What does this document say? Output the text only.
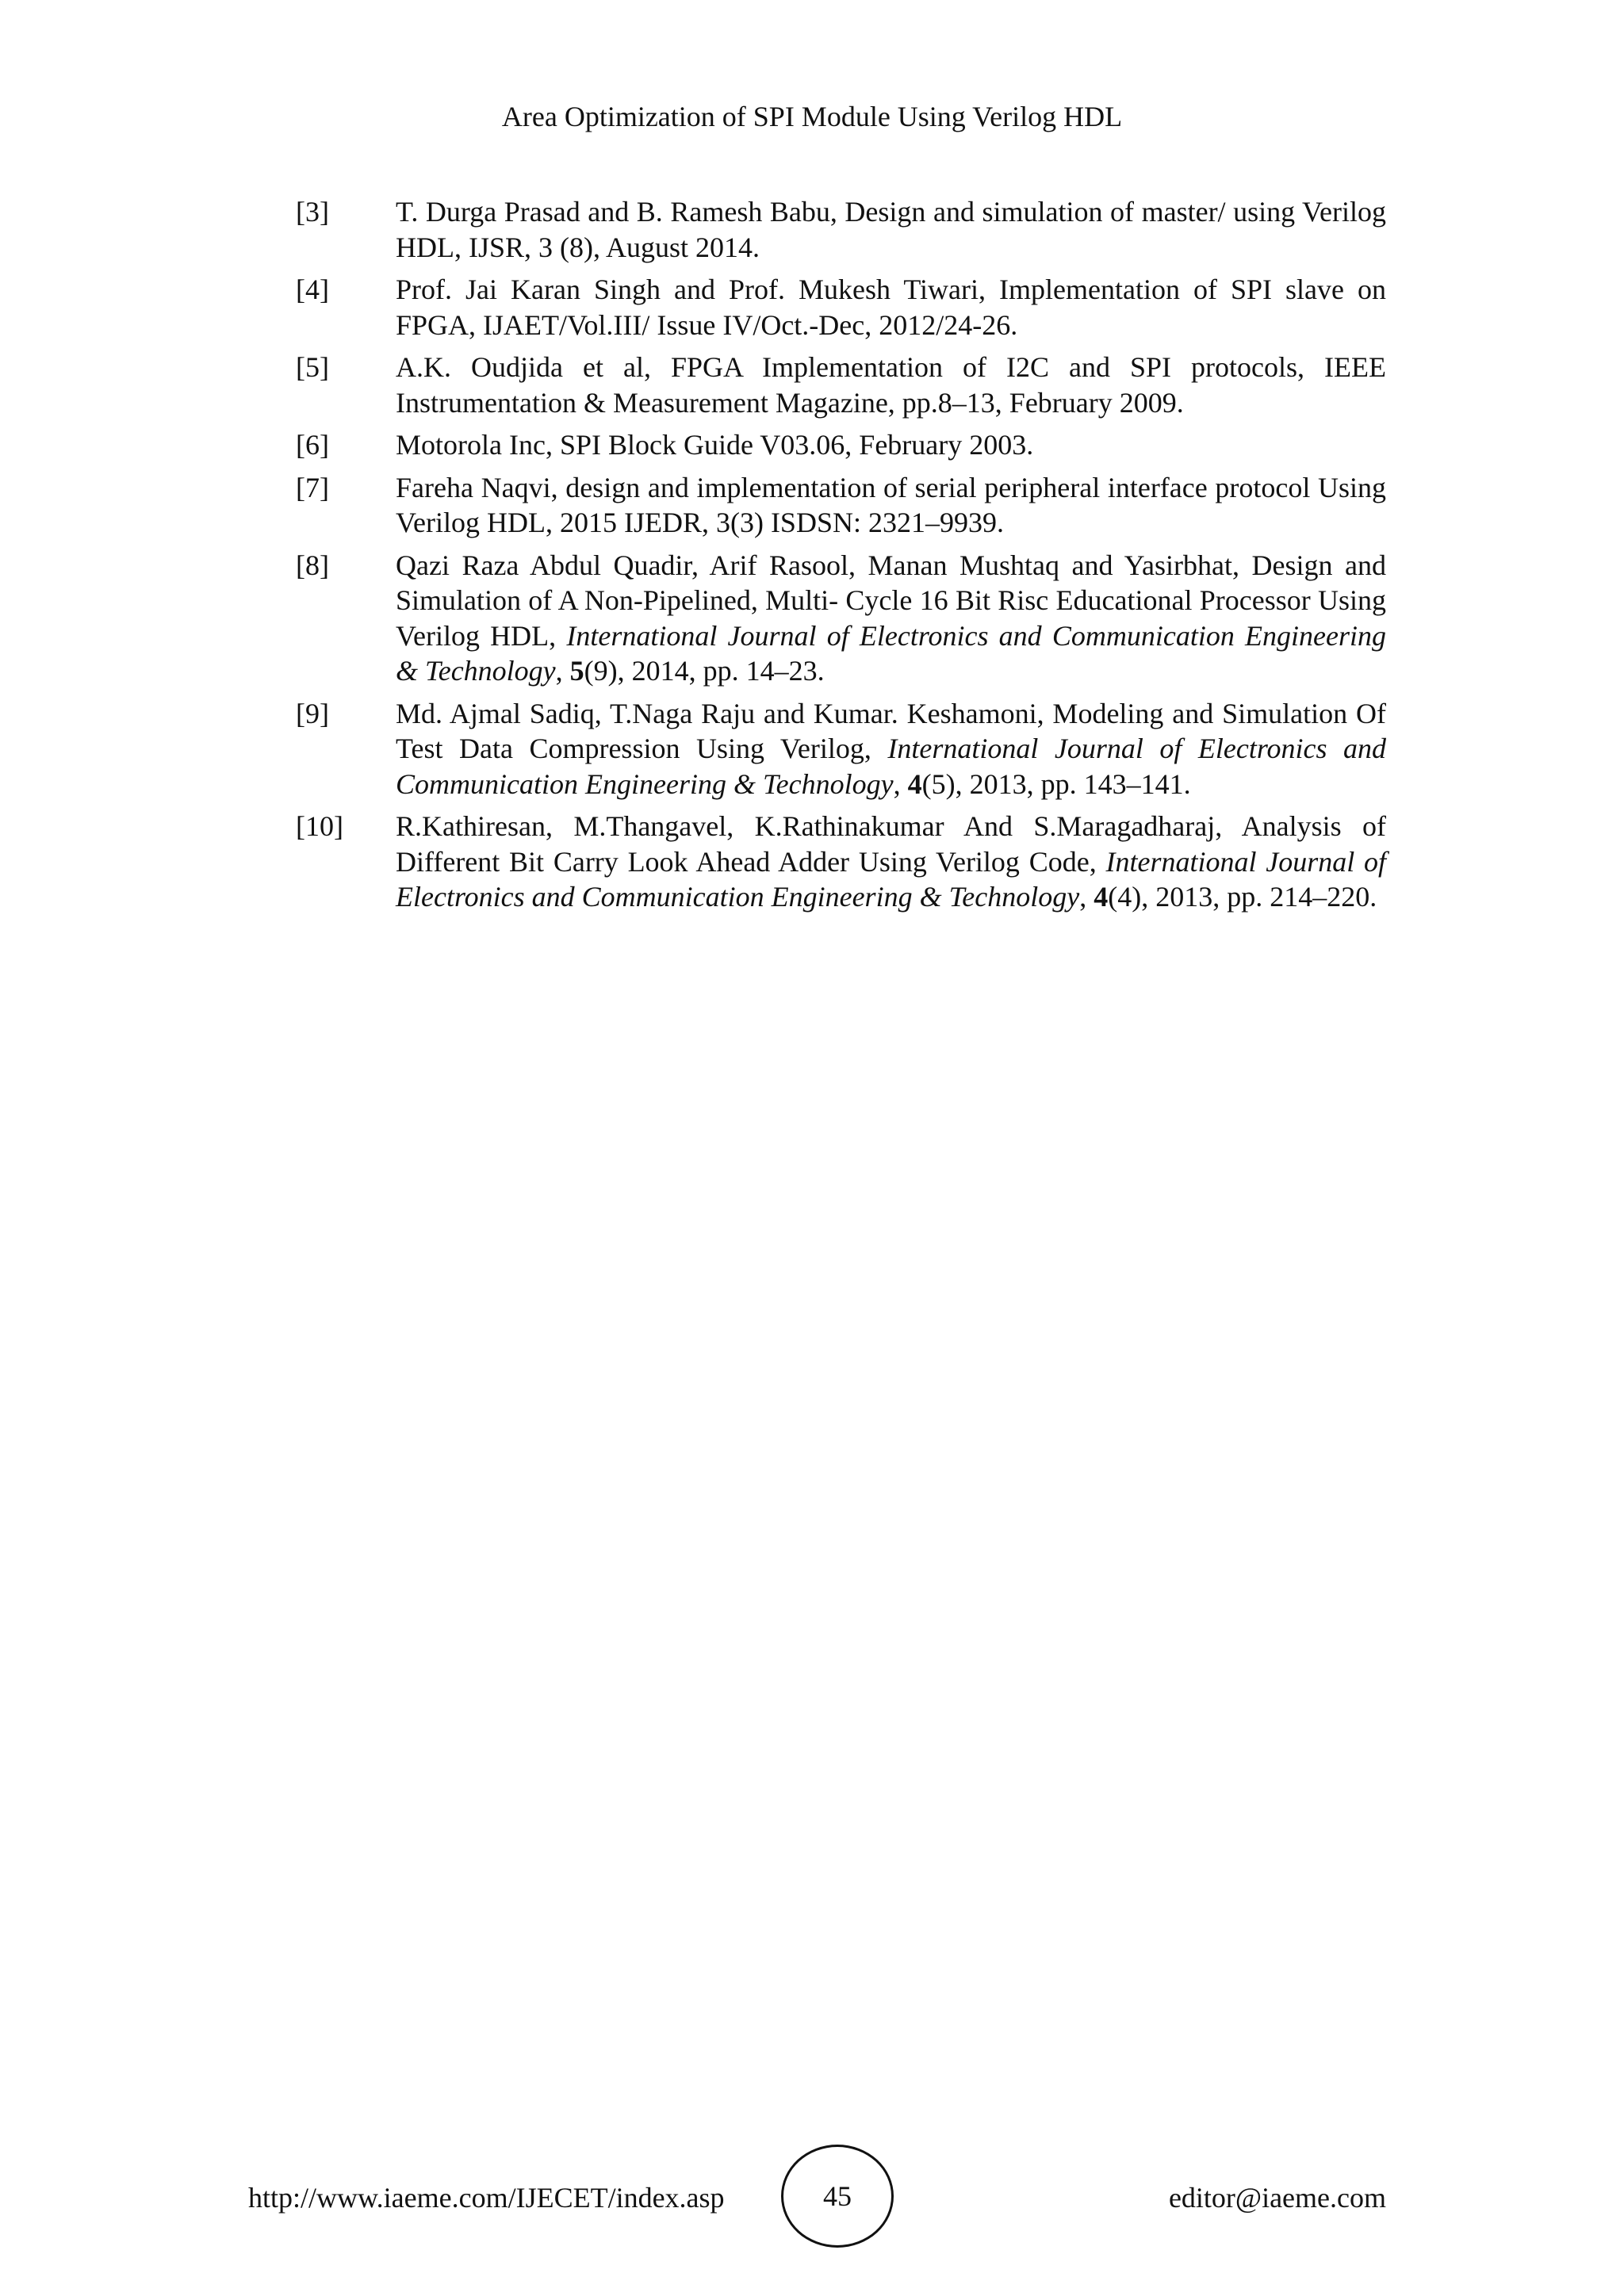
Area Optimization of SPI Module Using Verilog HDL
[3]	T. Durga Prasad and B. Ramesh Babu, Design and simulation of master/ using Verilog HDL, IJSR, 3 (8), August 2014.
[4]	Prof. Jai Karan Singh and Prof. Mukesh Tiwari, Implementation of SPI slave on FPGA, IJAET/Vol.III/ Issue IV/Oct.-Dec, 2012/24-26.
[5]	A.K. Oudjida et al, FPGA Implementation of I2C and SPI protocols, IEEE Instrumentation & Measurement Magazine, pp.8–13, February 2009.
[6]	Motorola Inc, SPI Block Guide V03.06, February 2003.
[7]	Fareha Naqvi, design and implementation of serial peripheral interface protocol Using Verilog HDL, 2015 IJEDR, 3(3) ISDSN: 2321–9939.
[8]	Qazi Raza Abdul Quadir, Arif Rasool, Manan Mushtaq and Yasirbhat, Design and Simulation of A Non-Pipelined, Multi- Cycle 16 Bit Risc Educational Processor Using Verilog HDL, International Journal of Electronics and Communication Engineering & Technology, 5(9), 2014, pp. 14–23.
[9]	Md. Ajmal Sadiq, T.Naga Raju and Kumar. Keshamoni, Modeling and Simulation Of Test Data Compression Using Verilog, International Journal of Electronics and Communication Engineering & Technology, 4(5), 2013, pp. 143–141.
[10]	R.Kathiresan, M.Thangavel, K.Rathinakumar And S.Maragadharaj, Analysis of Different Bit Carry Look Ahead Adder Using Verilog Code, International Journal of Electronics and Communication Engineering & Technology, 4(4), 2013, pp. 214–220.
http://www.iaeme.com/IJECET/index.asp	45	editor@iaeme.com
